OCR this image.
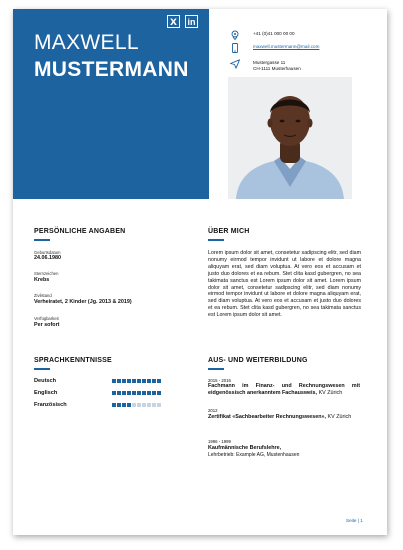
𝗫	in
MAXWELL
MUSTERMANN
+41 (0)41 000 00 00
maxwell.mustermann@mail.com
Mustergasse 11
CH-1111 Musterhausen
PERSÖNLICHE ANGABEN
Geburtsdatum
24.06.1980
Sternzeichen
Krebs
Zivilstand
Verheiratet, 2 Kinder (Jg. 2013 & 2019)
Verfügbarkeit
Per sofort
ÜBER MICH
Lorem ipsum dolor sit amet, consetetur sadipscing elitr, sed diam nonumy eirmod tempor invidunt ut labore et dolore magna aliquyam erat, sed diam voluptua. At vero eos et accusam et justo duo dolores et ea rebum. Stet clita kasd gubergren, no sea takimata sanctus est Lorem ipsum dolor sit amet. Lorem ipsum dolor sit amet, consetetur sadipscing elitr, sed diam nonumy eirmod tempor invidunt ut labore et dolore magna aliquyam erat, sed diam voluptua. At vero eos et accusam et justo duo dolores et ea rebum. Stet clita kasd gubergren, no sea takimata sanctus est Lorem ipsum dolor sit amet.
SPRACHKENNTNISSE
Deutsch
Englisch
Französisch
AUS- UND WEITERBILDUNG
2015 - 2016
Fachmann im Finanz- und Rechnungswesen mit eidgenössisch anerkanntem Fachausweis, KV Zürich
2012
Zertifikat «Sachbearbeiter Rechnungswesen», KV Zürich
1996 - 1999
Kaufmännische Berufslehre,
Lehrbetrieb: Example AG, Mustenhausen
Seite | 1
